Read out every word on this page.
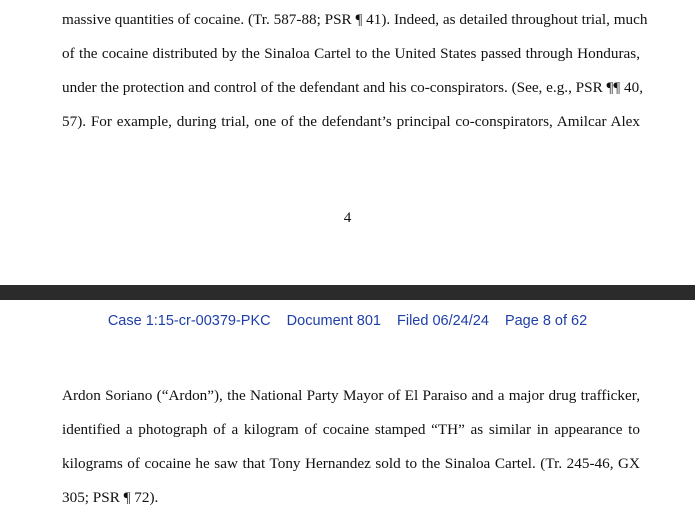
massive quantities of cocaine. (Tr. 587-88; PSR ¶ 41). Indeed, as detailed throughout trial, much
of the cocaine distributed by the Sinaloa Cartel to the United States passed through Honduras,
under the protection and control of the defendant and his co-conspirators. (See, e.g., PSR ¶¶ 40,
57). For example, during trial, one of the defendant’s principal co-conspirators, Amilcar Alex
4
Case 1:15-cr-00379-PKC Document 801 Filed 06/24/24 Page 8 of 62
Ardon Soriano (“Ardon”), the National Party Mayor of El Paraiso and a major drug trafficker,
identified a photograph of a kilogram of cocaine stamped “TH” as similar in appearance to
kilograms of cocaine he saw that Tony Hernandez sold to the Sinaloa Cartel. (Tr. 245-46, GX
305; PSR ¶ 72).
